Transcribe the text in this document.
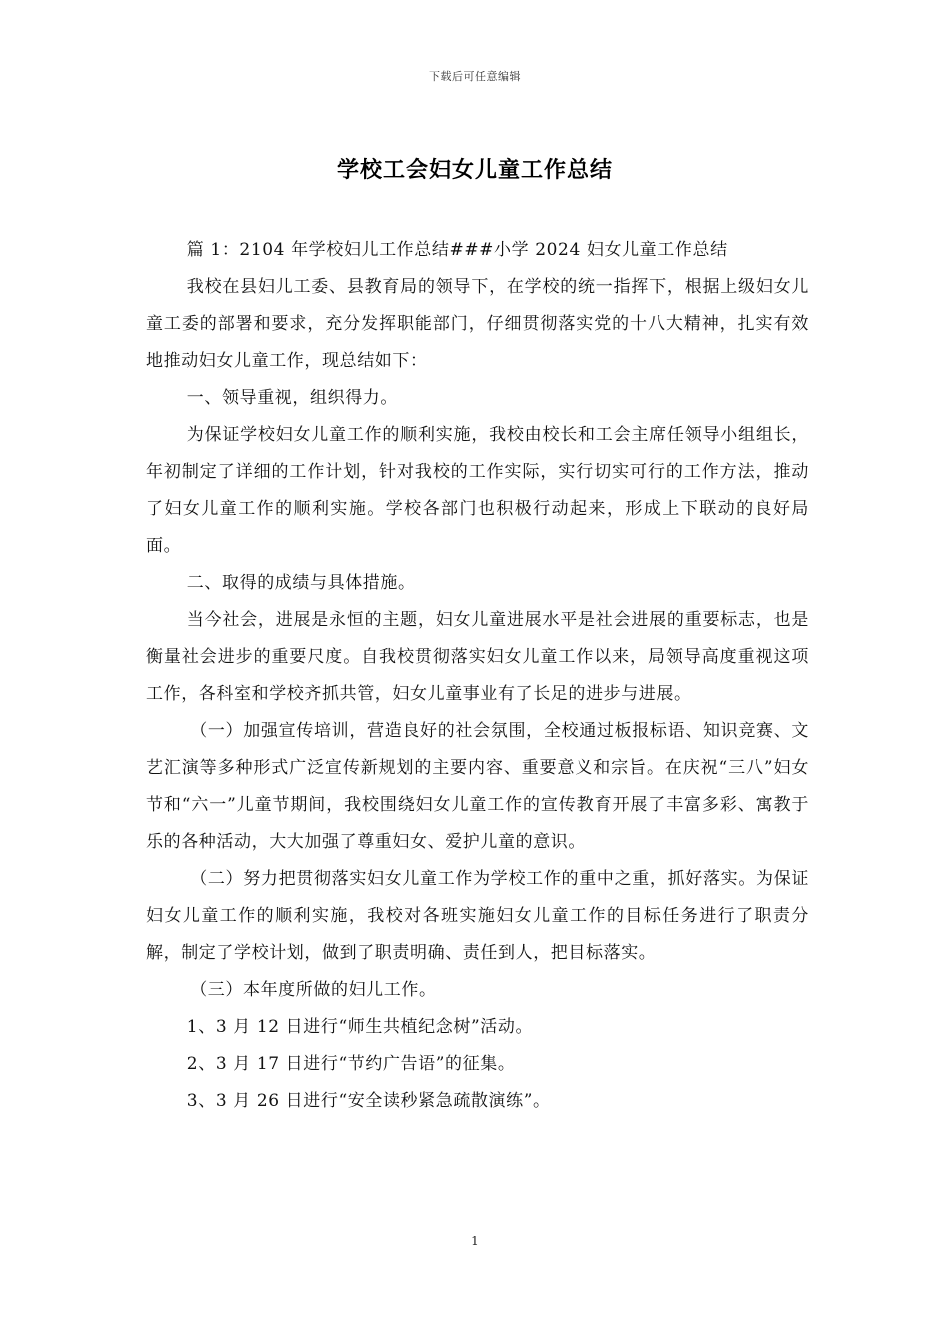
下载后可任意编辑
学校工会妇女儿童工作总结

篇 1：2104 年学校妇儿工作总结###小学 2024 妇女儿童工作总结

我校在县妇儿工委、县教育局的领导下，在学校的统一指挥下，根据上级妇女儿童工委的部署和要求，充分发挥职能部门，仔细贯彻落实党的十八大精神，扎实有效地推动妇女儿童工作，现总结如下：

一、领导重视，组织得力。

为保证学校妇女儿童工作的顺利实施，我校由校长和工会主席任领导小组组长，年初制定了详细的工作计划，针对我校的工作实际，实行切实可行的工作方法，推动了妇女儿童工作的顺利实施。学校各部门也积极行动起来，形成上下联动的良好局面。

二、取得的成绩与具体措施。

当今社会，进展是永恒的主题，妇女儿童进展水平是社会进展的重要标志，也是衡量社会进步的重要尺度。自我校贯彻落实妇女儿童工作以来，局领导高度重视这项工作，各科室和学校齐抓共管，妇女儿童事业有了长足的进步与进展。

（一）加强宣传培训，营造良好的社会氛围，全校通过板报标语、知识竞赛、文艺汇演等多种形式广泛宣传新规划的主要内容、重要意义和宗旨。在庆祝“三八”妇女节和“六一”儿童节期间，我校围绕妇女儿童工作的宣传教育开展了丰富多彩、寓教于乐的各种活动，大大加强了尊重妇女、爱护儿童的意识。

（二）努力把贯彻落实妇女儿童工作为学校工作的重中之重，抓好落实。为保证妇女儿童工作的顺利实施，我校对各班实施妇女儿童工作的目标任务进行了职责分解，制定了学校计划，做到了职责明确、责任到人，把目标落实。

（三）本年度所做的妇儿工作。

1、3 月 12 日进行“师生共植纪念树”活动。

2、3 月 17 日进行“节约广告语”的征集。

3、3 月 26 日进行“安全读秒紧急疏散演练”。

1
